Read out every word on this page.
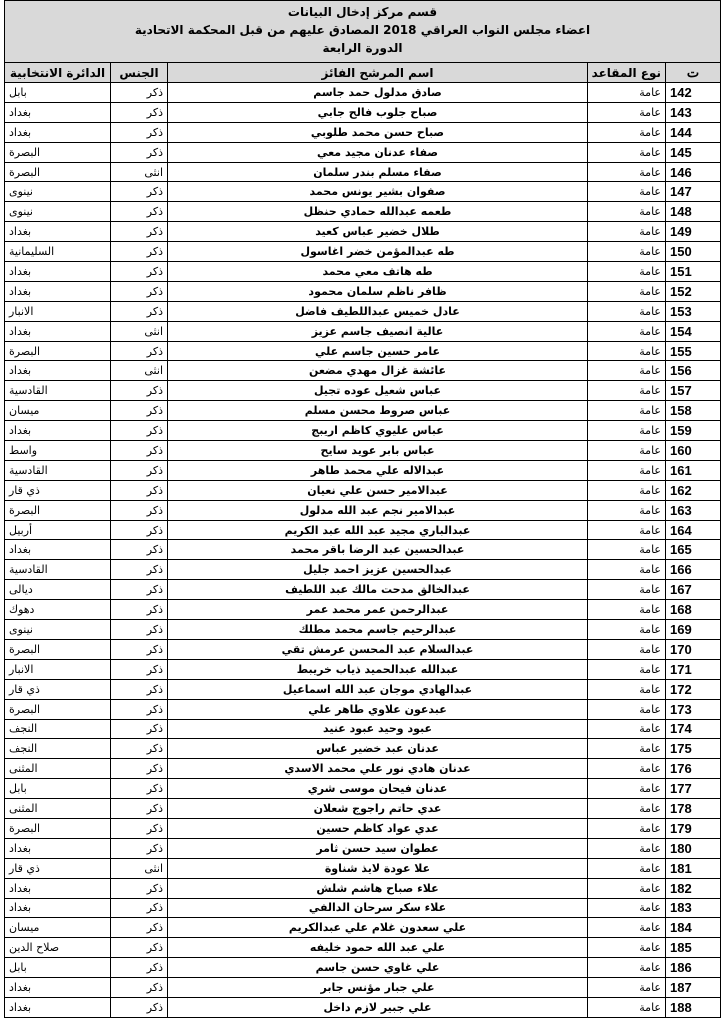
قسم مركز إدخال البيانات
اعضاء مجلس النواب العراقي 2018 المصادق عليهم من قبل المحكمة الاتحادية
الدورة الرابعة
ت	نوع المقاعد	اسم المرشح الفائز	الجنس	الدائرة الانتخابية
142	عامة	صادق مدلول حمد جاسم	ذكر	بابل
143	عامة	صباح جلوب فالح جابي	ذكر	بغداد
144	عامة	صباح حسن محمد طلوبي	ذكر	بغداد
145	عامة	صفاء عدنان مجيد معي	ذكر	البصرة
146	عامة	صفاء مسلم بندر سلمان	انثى	البصرة
147	عامة	صفوان بشير يونس محمد	ذكر	نينوى
148	عامة	طعمه عبدالله حمادي حنظل	ذكر	نينوى
149	عامة	طلال خضير عباس كعيد	ذكر	بغداد
150	عامة	طه عبدالمؤمن خضر اغاسول	ذكر	السليمانية
151	عامة	طه هاتف معي محمد	ذكر	بغداد
152	عامة	ظافر ناظم سلمان محمود	ذكر	بغداد
153	عامة	عادل خميس عبداللطيف فاضل	ذكر	الانبار
154	عامة	عالية انصيف جاسم عزيز	انثى	بغداد
155	عامة	عامر حسين جاسم علي	ذكر	البصرة
156	عامة	عائشة غزال مهدي مضعن	انثى	بغداد
157	عامة	عباس شعيل عوده تجيل	ذكر	القادسية
158	عامة	عباس صروط محسن مسلم	ذكر	ميسان
159	عامة	عباس عليوي كاظم اريبج	ذكر	بغداد
160	عامة	عباس بابر عويد سايح	ذكر	واسط
161	عامة	عبدالاله علي محمد طاهر	ذكر	القادسية
162	عامة	عبدالامير حسن علي نعيان	ذكر	ذي قار
163	عامة	عبدالامير نجم عبد الله مدلول	ذكر	البصرة
164	عامة	عبدالباري مجيد عبد الله عبد الكريم	ذكر	أربيل
165	عامة	عبدالحسين عبد الرضا باقر محمد	ذكر	بغداد
166	عامة	عبدالحسين عزيز احمد جليل	ذكر	القادسية
167	عامة	عبدالخالق مدحت مالك عبد اللطيف	ذكر	ديالى
168	عامة	عبدالرحمن عمر محمد عمر	ذكر	دهوك
169	عامة	عبدالرحيم جاسم محمد مطلك	ذكر	نينوى
170	عامة	عبدالسلام عبد المحسن عرمش تقي	ذكر	البصرة
171	عامة	عبدالله عبدالحميد ذياب خريبط	ذكر	الانبار
172	عامة	عبدالهادي موجان عبد الله اسماعيل	ذكر	ذي قار
173	عامة	عبدعون علاوي طاهر علي	ذكر	البصرة
174	عامة	عبود وحيد عبود عنيد	ذكر	النجف
175	عامة	عدنان عبد خضير عباس	ذكر	النجف
176	عامة	عدنان هادي نور علي محمد الاسدي	ذكر	المثنى
177	عامة	عدنان فيحان موسى شري	ذكر	بابل
178	عامة	عدي حاتم راجوج شعلان	ذكر	المثنى
179	عامة	عدي عواد كاظم حسين	ذكر	البصرة
180	عامة	عطوان سيد حسن ثامر	ذكر	بغداد
181	عامة	علا عودة لايذ شناوة	انثى	ذي قار
182	عامة	علاء صباح هاشم شلش	ذكر	بغداد
183	عامة	علاء سكر سرحان الدالفي	ذكر	بغداد
184	عامة	علي سعدون غلام علي عبدالكريم	ذكر	ميسان
185	عامة	علي عبد الله حمود خليفه	ذكر	صلاح الدين
186	عامة	علي غاوي حسن جاسم	ذكر	بابل
187	عامة	علي جبار مؤنس جابر	ذكر	بغداد
188	عامة	علي جبير لازم داخل	ذكر	بغداد
